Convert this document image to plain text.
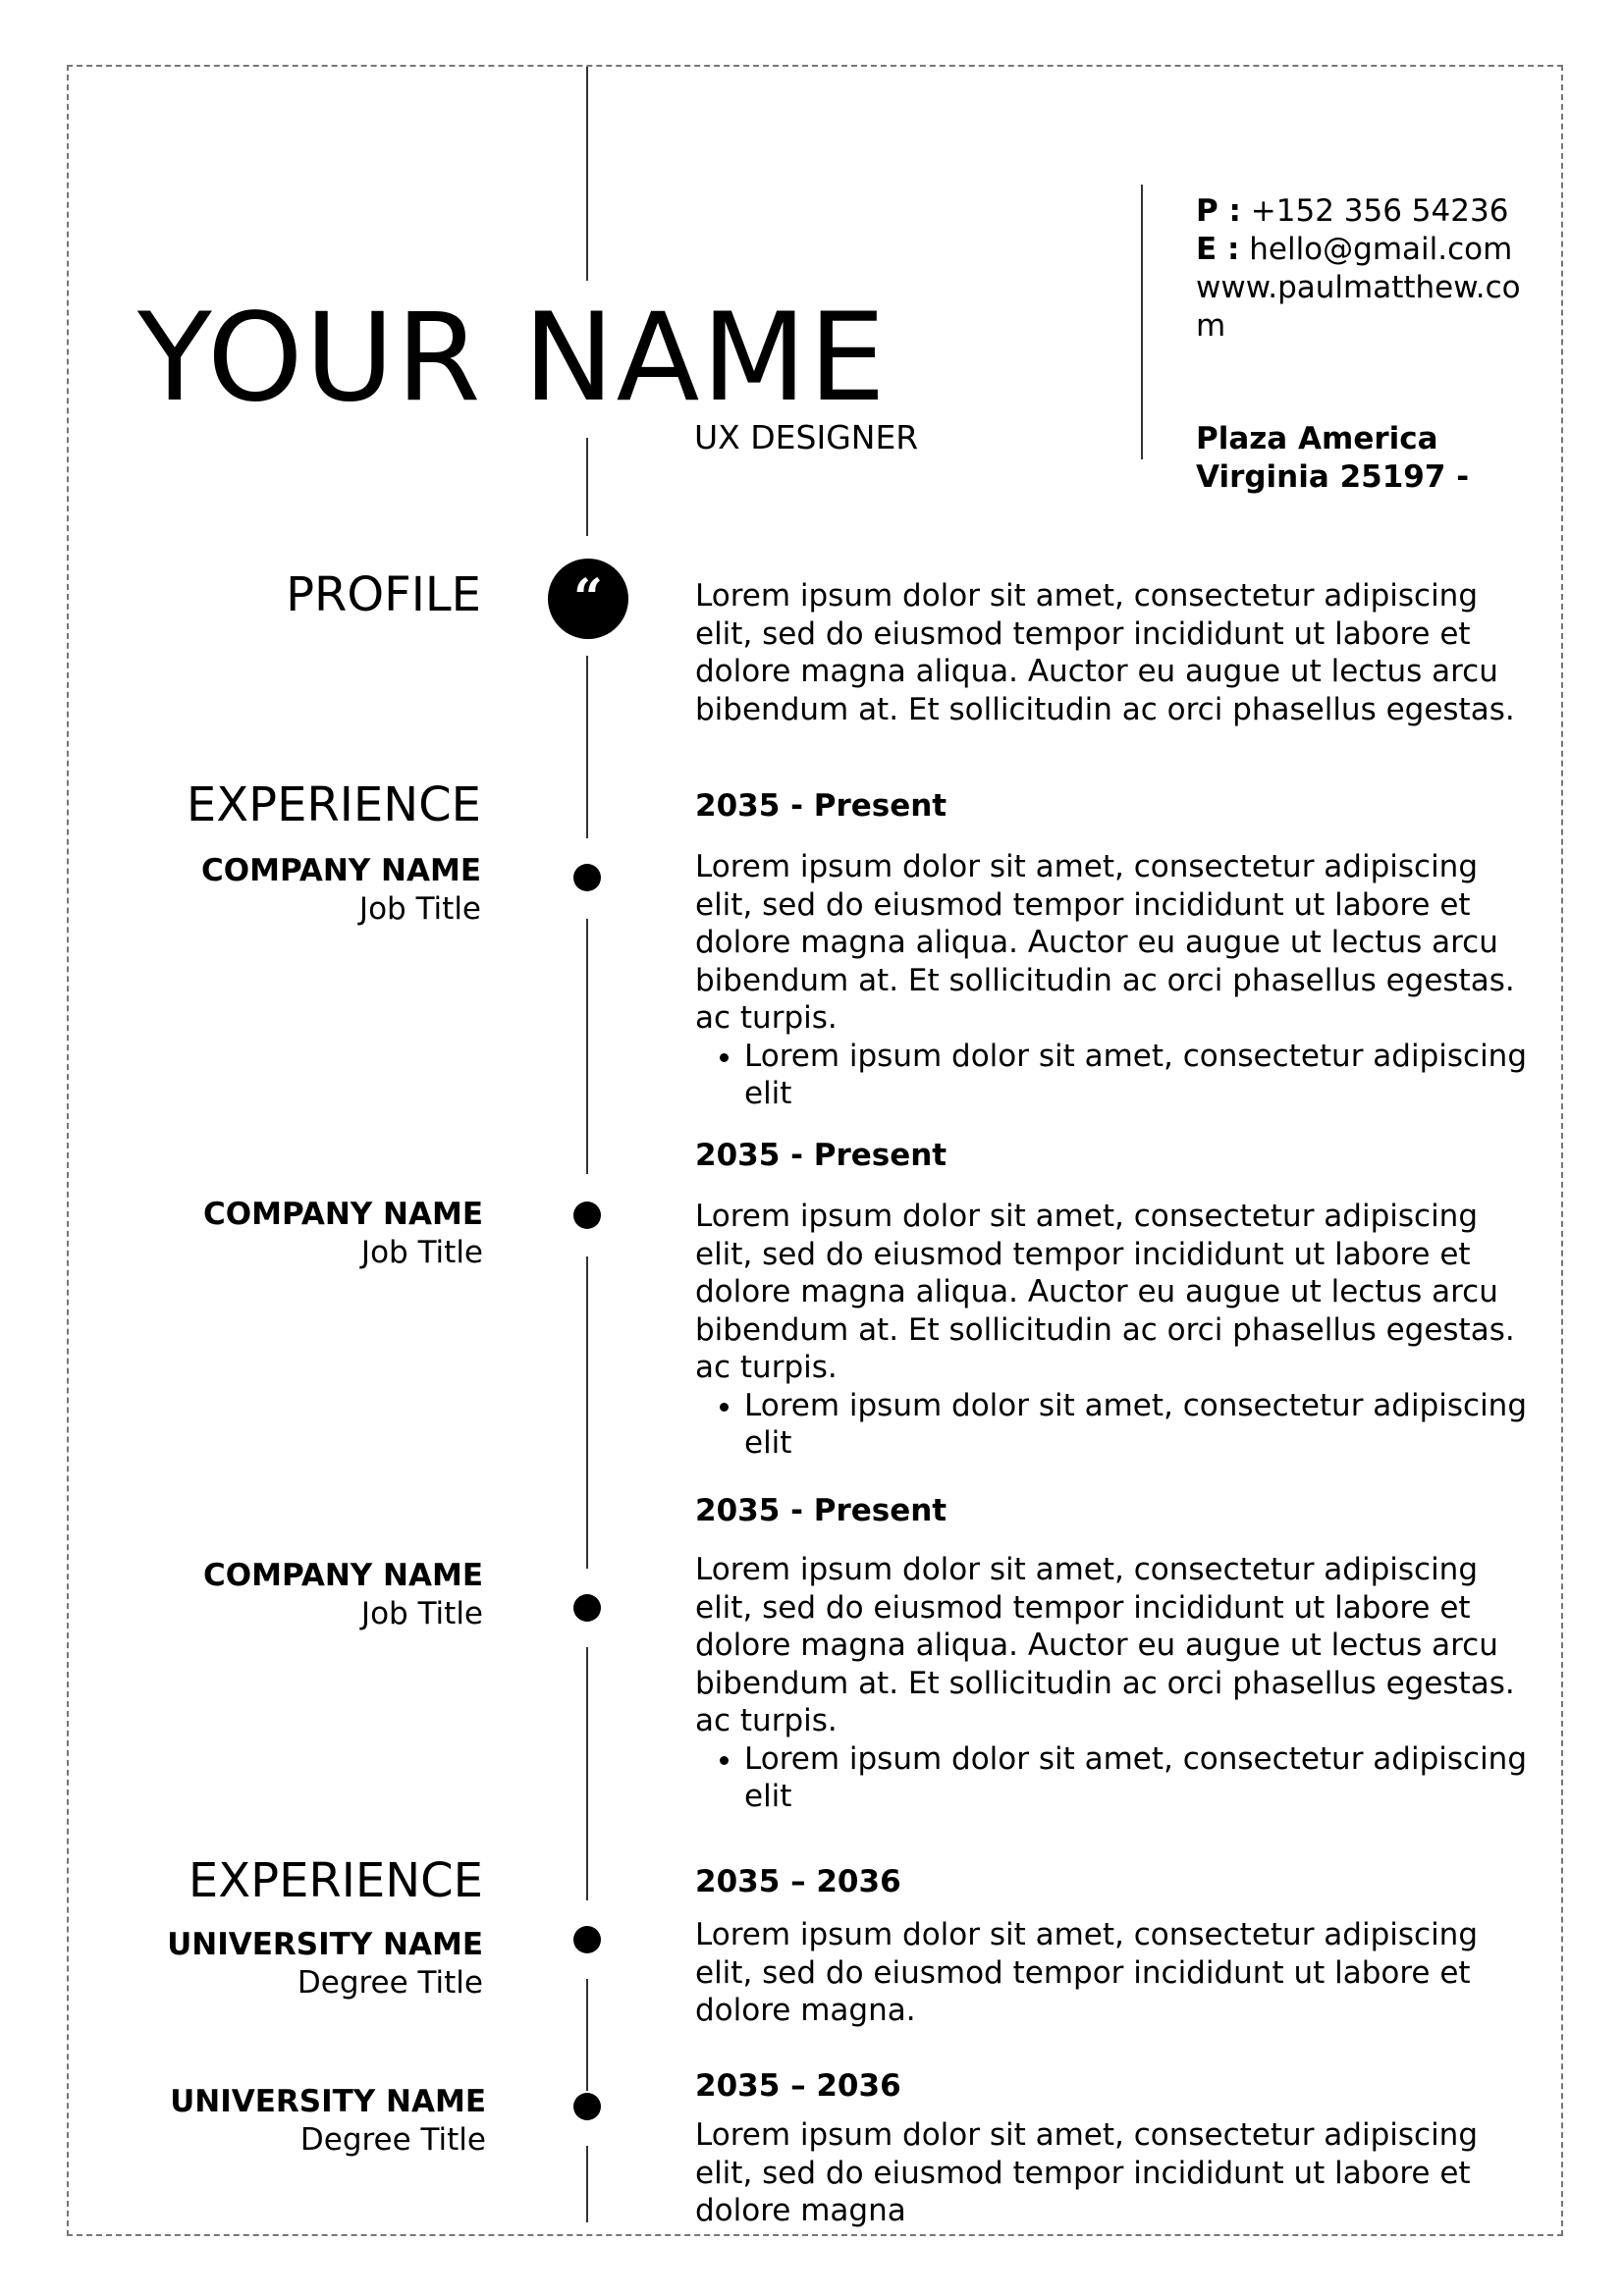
“
YOUR NAME
UX DESIGNER
P : +152 356 54236
E : hello@gmail.com
www.paulmatthew.com
Plaza America
Virginia 25197 -
PROFILE	Lorem ipsum dolor sit amet, consectetur adipiscing elit, sed do eiusmod tempor incididunt ut labore et dolore magna aliqua. Auctor eu augue ut lectus arcu bibendum at. Et sollicitudin ac orci phasellus egestas.
EXPERIENCE
COMPANY NAME
Job Title
2035 - Present
Lorem ipsum dolor sit amet, consectetur adipiscing elit, sed do eiusmod tempor incididunt ut labore et dolore magna aliqua. Auctor eu augue ut lectus arcu bibendum at. Et sollicitudin ac orci phasellus egestas. ac turpis.
• Lorem ipsum dolor sit amet, consectetur adipiscing elit
COMPANY NAME
Job Title
2035 - Present
Lorem ipsum dolor sit amet, consectetur adipiscing elit, sed do eiusmod tempor incididunt ut labore et dolore magna aliqua. Auctor eu augue ut lectus arcu bibendum at. Et sollicitudin ac orci phasellus egestas. ac turpis.
• Lorem ipsum dolor sit amet, consectetur adipiscing elit
COMPANY NAME
Job Title
2035 - Present
Lorem ipsum dolor sit amet, consectetur adipiscing elit, sed do eiusmod tempor incididunt ut labore et dolore magna aliqua. Auctor eu augue ut lectus arcu bibendum at. Et sollicitudin ac orci phasellus egestas. ac turpis.
• Lorem ipsum dolor sit amet, consectetur adipiscing elit
EXPERIENCE
UNIVERSITY NAME
Degree Title
2035 – 2036
Lorem ipsum dolor sit amet, consectetur adipiscing elit, sed do eiusmod tempor incididunt ut labore et dolore magna.
UNIVERSITY NAME
Degree Title
2035 – 2036
Lorem ipsum dolor sit amet, consectetur adipiscing elit, sed do eiusmod tempor incididunt ut labore et dolore magna
